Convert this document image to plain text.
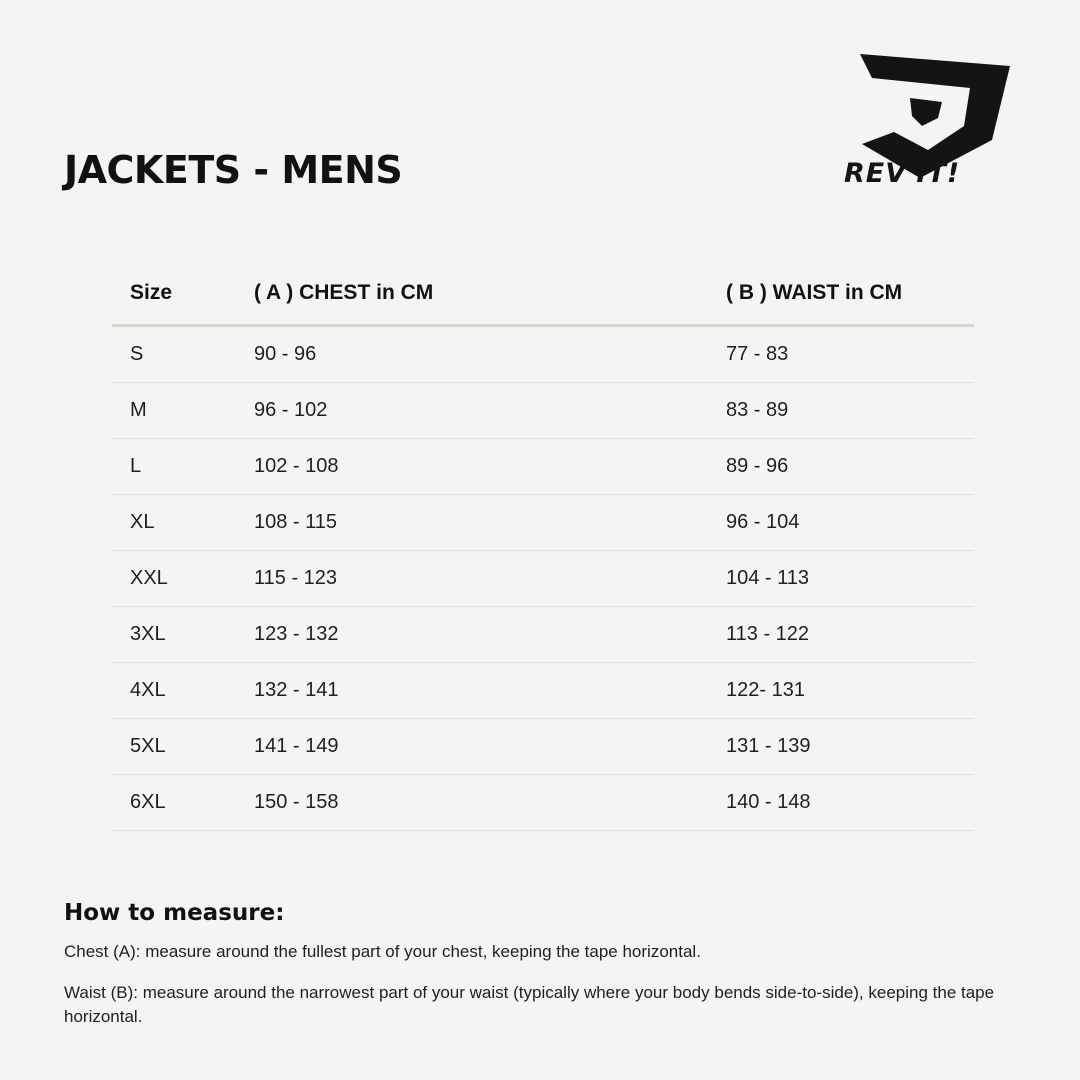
JACKETS - MENS	REV'IT!
Size	( A ) CHEST in CM	( B ) WAIST in CM
S	90 - 96	77 - 83
M	96 - 102	83 - 89
L	102 - 108	89 - 96
XL	108 - 115	96 - 104
XXL	115 - 123	104 - 113
3XL	123 - 132	113 - 122
4XL	132 - 141	122- 131
5XL	141 - 149	131 - 139
6XL	150 - 158	140 - 148
How to measure:
Chest (A): measure around the fullest part of your chest, keeping the tape horizontal.
Waist (B): measure around the narrowest part of your waist (typically where your body bends side-to-side), keeping the tape horizontal.
